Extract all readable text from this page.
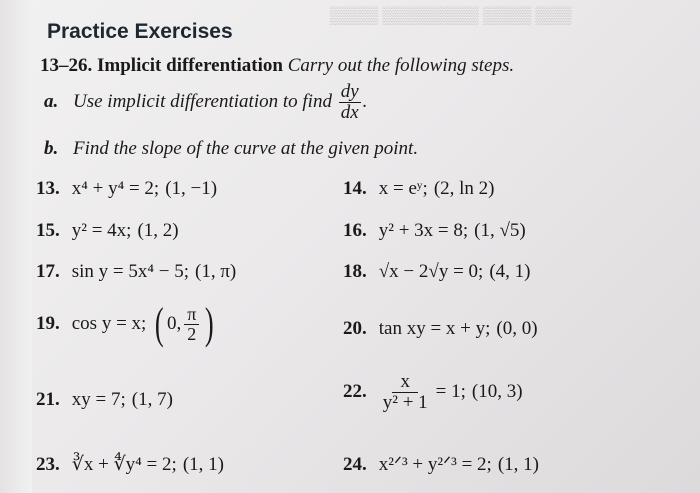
▒▒▒ ▒▒▒▒ ▒▒▒▒▒▒▒▒ ▒▒▒▒
Practice Exercises
13–26. Implicit differentiation Carry out the following steps.
a. Use implicit differentiation to find $\frac{dy}{dx}$ .
b. Find the slope of the curve at the given point.
13. x⁴ + y⁴ = 2; (1, −1)	14. x = eʸ; (2, ln 2)
15. y² = 4x; (1, 2)	16. y² + 3x = 8; (1, √5)
17. sin y = 5x⁴ − 5; (1, π)	18. √x − 2√y = 0; (4, 1)
19. cos y = x; ( 0, $\frac{\pi}{2}$ )	20. tan xy = x + y; (0, 0)
21. xy = 7; (1, 7)	22. $\frac{x}{\text{y² + 1}} = 1$; (10, 3)
23. ∛x + ∜y⁴ = 2; (1, 1)	24. x²ᐟ³ + y²ᐟ³ = 2; (1, 1)
